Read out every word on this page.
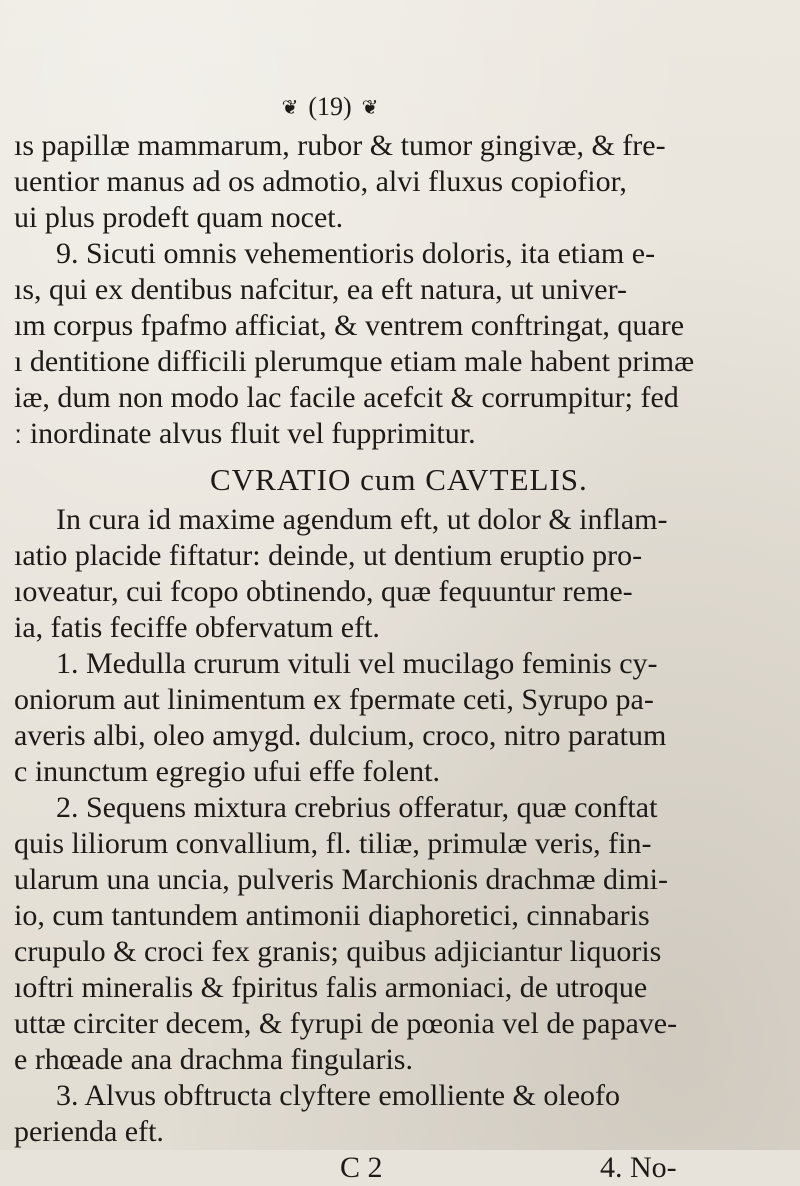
❦ (19) ❦
ıs papillæ mammarum, rubor & tumor gingivæ, & fre-
uentior manus ad os admotio, alvi fluxus copiofior,
ui plus prodeft quam nocet.
9. Sicuti omnis vehementioris doloris, ita etiam e-
ıs, qui ex dentibus nafcitur, ea eft natura, ut univer-
ım corpus fpafmo afficiat, & ventrem conftringat, quare
ı dentitione difficili plerumque etiam male habent primæ
iæ, dum non modo lac facile acefcit & corrumpitur; fed
ː inordinate alvus fluit vel fupprimitur.
CVRATIO cum CAVTELIS.
In cura id maxime agendum eft, ut dolor & inflam-
ıatio placide fiftatur: deinde, ut dentium eruptio pro-
ıoveatur, cui fcopo obtinendo, quæ fequuntur reme-
ia, fatis feciffe obfervatum eft.
1. Medulla crurum vituli vel mucilago feminis cy-
oniorum aut linimentum ex fpermate ceti, Syrupo pa-
averis albi, oleo amygd. dulcium, croco, nitro paratum
c inunctum egregio ufui effe folent.
2. Sequens mixtura crebrius offeratur, quæ conftat
quis liliorum convallium, fl. tiliæ, primulæ veris, fin-
ularum una uncia, pulveris Marchionis drachmæ dimi-
io, cum tantundem antimonii diaphoretici, cinnabaris
crupulo & croci fex granis; quibus adjiciantur liquoris
ıoftri mineralis & fpiritus falis armoniaci, de utroque
uttæ circiter decem, & fyrupi de pœonia vel de papave-
e rhœade ana drachma fingularis.
3. Alvus obftructa clyftere emolliente & oleofo
perienda eft.
C 2	4. No-
